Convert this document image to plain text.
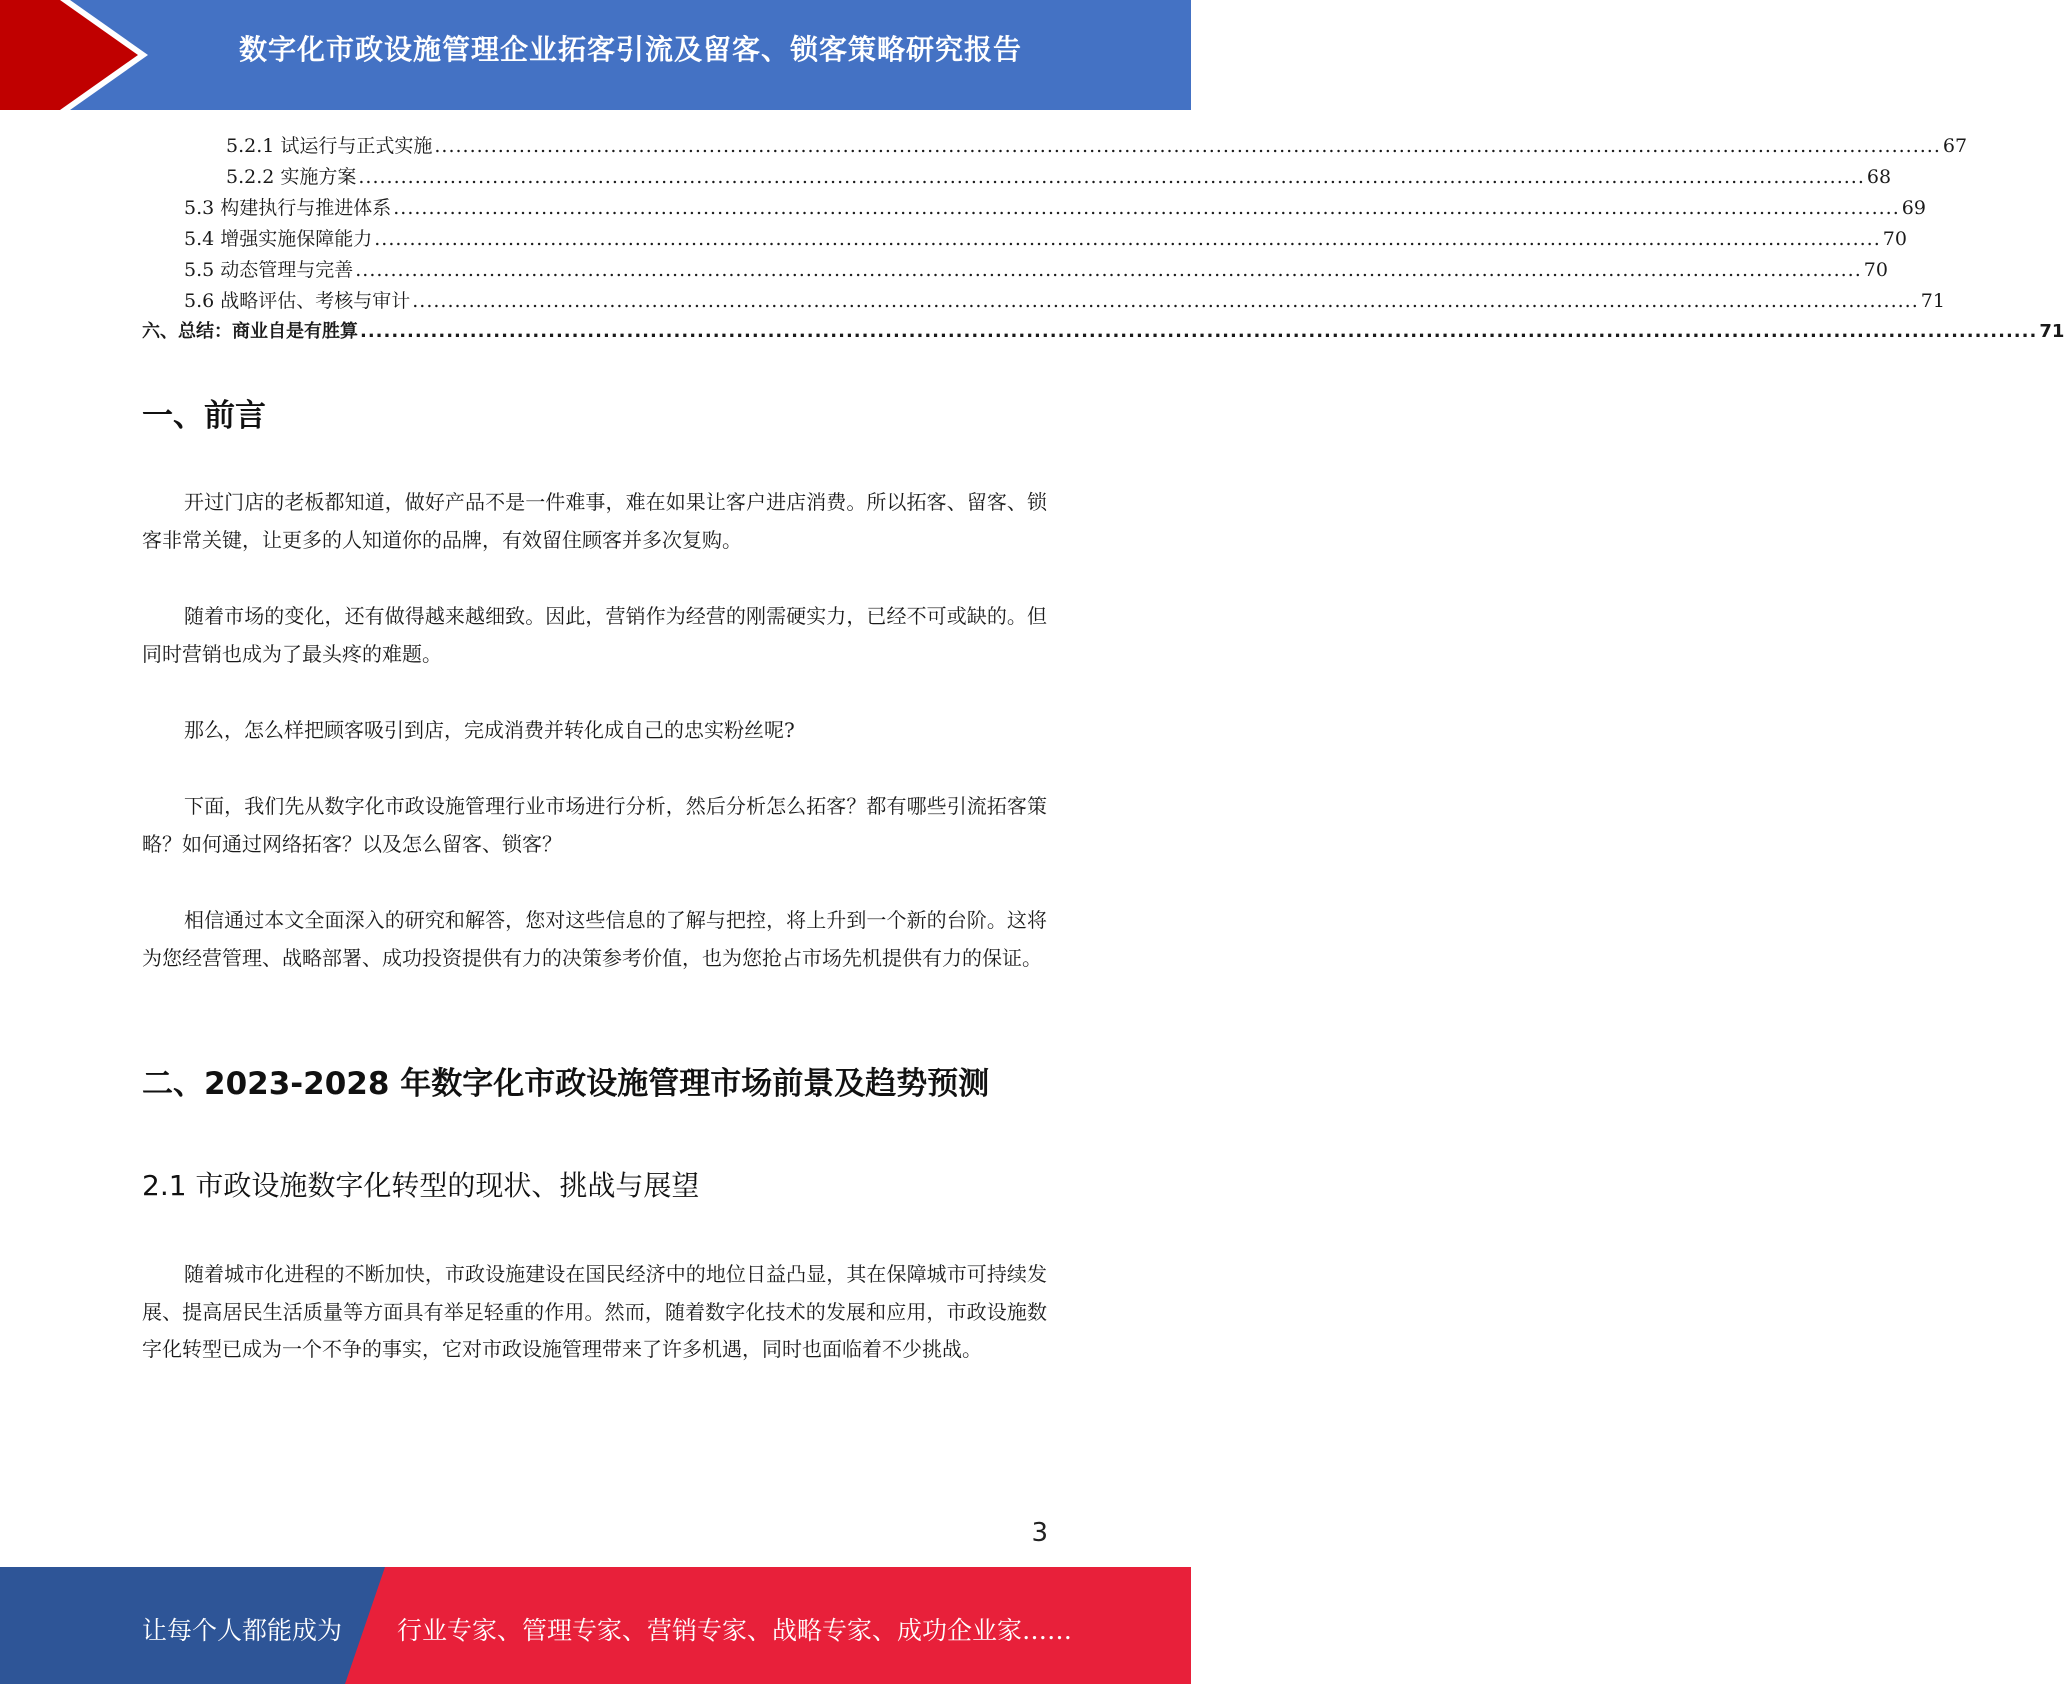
数字化市政设施管理企业拓客引流及留客、锁客策略研究报告
5.2.1 试运行与正式实施 ...................................................................................................................................................................................................................... 67
5.2.2 实施方案 ...................................................................................................................................................................................................................... 68
5.3 构建执行与推进体系 ...................................................................................................................................................................................................................... 69
5.4 增强实施保障能力 ...................................................................................................................................................................................................................... 70
5.5 动态管理与完善 ...................................................................................................................................................................................................................... 70
5.6 战略评估、考核与审计 ...................................................................................................................................................................................................................... 71
六、总结：商业自是有胜算 ...................................................................................................................................................................................................................... 71
一、前言

开过门店的老板都知道，做好产品不是一件难事，难在如果让客户进店消费。所以拓客、留客、锁客非常关键，让更多的人知道你的品牌，有效留住顾客并多次复购。

随着市场的变化，还有做得越来越细致。因此，营销作为经营的刚需硬实力，已经不可或缺的。但同时营销也成为了最头疼的难题。

那么，怎么样把顾客吸引到店，完成消费并转化成自己的忠实粉丝呢?

下面，我们先从数字化市政设施管理行业市场进行分析，然后分析怎么拓客？都有哪些引流拓客策略？如何通过网络拓客？以及怎么留客、锁客？

相信通过本文全面深入的研究和解答，您对这些信息的了解与把控，将上升到一个新的台阶。这将为您经营管理、战略部署、成功投资提供有力的决策参考价值，也为您抢占市场先机提供有力的保证。

二、2023-2028 年数字化市政设施管理市场前景及趋势预测
2.1 市政设施数字化转型的现状、挑战与展望

随着城市化进程的不断加快，市政设施建设在国民经济中的地位日益凸显，其在保障城市可持续发展、提高居民生活质量等方面具有举足轻重的作用。然而，随着数字化技术的发展和应用，市政设施数字化转型已成为一个不争的事实，它对市政设施管理带来了许多机遇，同时也面临着不少挑战。

3
让每个人都能成为 行业专家、管理专家、营销专家、战略专家、成功企业家……
